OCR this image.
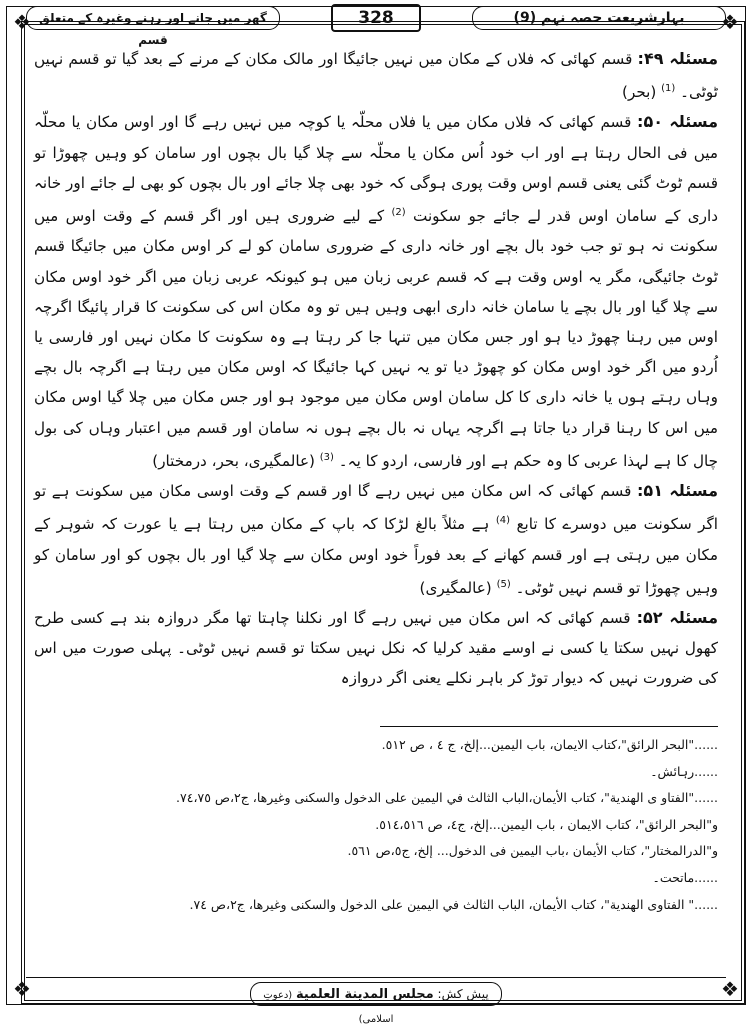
❖	❖
❖	❖
بہارشریعت حصہ نہم (9)
328
گھر میں جانے اور رہنے وغیرہ کے متعلق قسم

مسئلہ ۴۹: قسم کھائی کہ فلاں کے مکان میں نہیں جائیگا اور مالک مکان کے مرنے کے بعد گیا تو قسم نہیں ٹوٹی۔ $^{(1)}$ (بحر)

مسئلہ ۵۰: قسم کھائی کہ فلاں مکان میں یا فلاں محلّہ یا کوچہ میں نہیں رہے گا اور اوس مکان یا محلّہ میں فی الحال رہتا ہے اور اب خود اُس مکان یا محلّہ سے چلا گیا بال بچوں اور سامان کو وہیں چھوڑا تو قسم ٹوٹ گئی یعنی قسم اوس وقت پوری ہوگی کہ خود بھی چلا جائے اور بال بچوں کو بھی لے جائے اور خانہ داری کے سامان اوس قدر لے جائے جو سکونت $^{(2)}$ کے لیے ضروری ہیں اور اگر قسم کے وقت اوس میں سکونت نہ ہو تو جب خود بال بچے اور خانہ داری کے ضروری سامان کو لے کر اوس مکان میں جائیگا قسم ٹوٹ جائیگی، مگر یہ اوس وقت ہے کہ قسم عربی زبان میں ہو کیونکہ عربی زبان میں اگر خود اوس مکان سے چلا گیا اور بال بچے یا سامان خانہ داری ابھی وہیں ہیں تو وہ مکان اس کی سکونت کا قرار پائیگا اگرچہ اوس میں رہنا چھوڑ دیا ہو اور جس مکان میں تنہا جا کر رہتا ہے وہ سکونت کا مکان نہیں اور فارسی یا اُردو میں اگر خود اوس مکان کو چھوڑ دیا تو یہ نہیں کہا جائیگا کہ اوس مکان میں رہتا ہے اگرچہ بال بچے وہاں رہتے ہوں یا خانہ داری کا کل سامان اوس مکان میں موجود ہو اور جس مکان میں چلا گیا اوس مکان میں اس کا رہنا قرار دیا جاتا ہے اگرچہ یہاں نہ بال بچے ہوں نہ سامان اور قسم میں اعتبار وہاں کی بول چال کا ہے لہذا عربی کا وہ حکم ہے اور فارسی، اردو کا یہ۔ $^{(3)}$ (عالمگیری، بحر، درمختار)

مسئلہ ۵۱: قسم کھائی کہ اس مکان میں نہیں رہے گا اور قسم کے وقت اوسی مکان میں سکونت ہے تو اگر سکونت میں دوسرے کا تابع $^{(4)}$ ہے مثلاً بالغ لڑکا کہ باپ کے مکان میں رہتا ہے یا عورت کہ شوہر کے مکان میں رہتی ہے اور قسم کھانے کے بعد فوراً خود اوس مکان سے چلا گیا اور بال بچوں کو اور سامان کو وہیں چھوڑا تو قسم نہیں ٹوٹی۔ $^{(5)}$ (عالمگیری)

مسئلہ ۵۲: قسم کھائی کہ اس مکان میں نہیں رہے گا اور نکلنا چاہتا تھا مگر دروازہ بند ہے کسی طرح کھول نہیں سکتا یا کسی نے اوسے مقید کرلیا کہ نکل نہیں سکتا تو قسم نہیں ٹوٹی۔ پہلی صورت میں اس کی ضرورت نہیں کہ دیوار توڑ کر باہر نکلے یعنی اگر دروازہ

......"البحر الرائق"،کتاب الایمان، باب الیمین...إلخ، ج ٤ ، ص ٥١٢.

......رہائش۔

......"الفتاو ی الهندية"، كتاب الأيمان،الباب الثالث في اليمين على الدخول والسكنى وغيرها، ج٢،ص ٧٤،٧٥.

و"البحر الرائق"، كتاب الايمان ، باب اليمين...إلخ، ج٤، ص ٥١٤،٥١٦.

و"الدرالمختار"، كتاب الأيمان ،باب اليمين فى الدخول... إلخ، ج٥،ص ٥٦١.

......ماتحت۔

......" الفتاوى الهندية"، كتاب الأيمان، الباب الثالث في اليمين على الدخول والسكنى وغيرها، ج٢،ص ٧٤.

پیش کش: مجلس المدينة العلمية (دعوتِ اسلامی)
